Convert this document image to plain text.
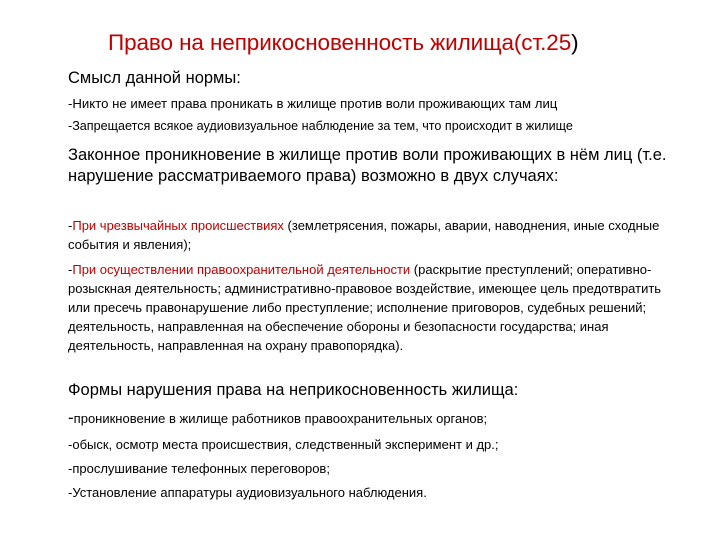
Право на неприкосновенность жилища(ст.25)
Смысл данной нормы:
-Никто не имеет права проникать в жилище против воли проживающих там лиц
-Запрещается всякое аудиовизуальное наблюдение за тем, что происходит в жилище
Законное проникновение в жилище против воли проживающих в нём лиц (т.е. нарушение рассматриваемого права) возможно в двух случаях:
-При чрезвычайных происшествиях (землетрясения, пожары, аварии, наводнения, иные сходные события и явления);
-При осуществлении правоохранительной деятельности (раскрытие преступлений; оперативно-розыскная деятельность; административно-правовое воздействие, имеющее цель предотвратить или пресечь правонарушение либо преступление; исполнение приговоров, судебных решений; деятельность, направленная на обеспечение обороны и безопасности государства; иная деятельность, направленная на охрану правопорядка).
Формы нарушения права на неприкосновенность жилища:
-проникновение в жилище работников правоохранительных органов;
-обыск, осмотр места происшествия, следственный эксперимент и др.;
-прослушивание телефонных переговоров;
-Установление аппаратуры аудиовизуального наблюдения.
